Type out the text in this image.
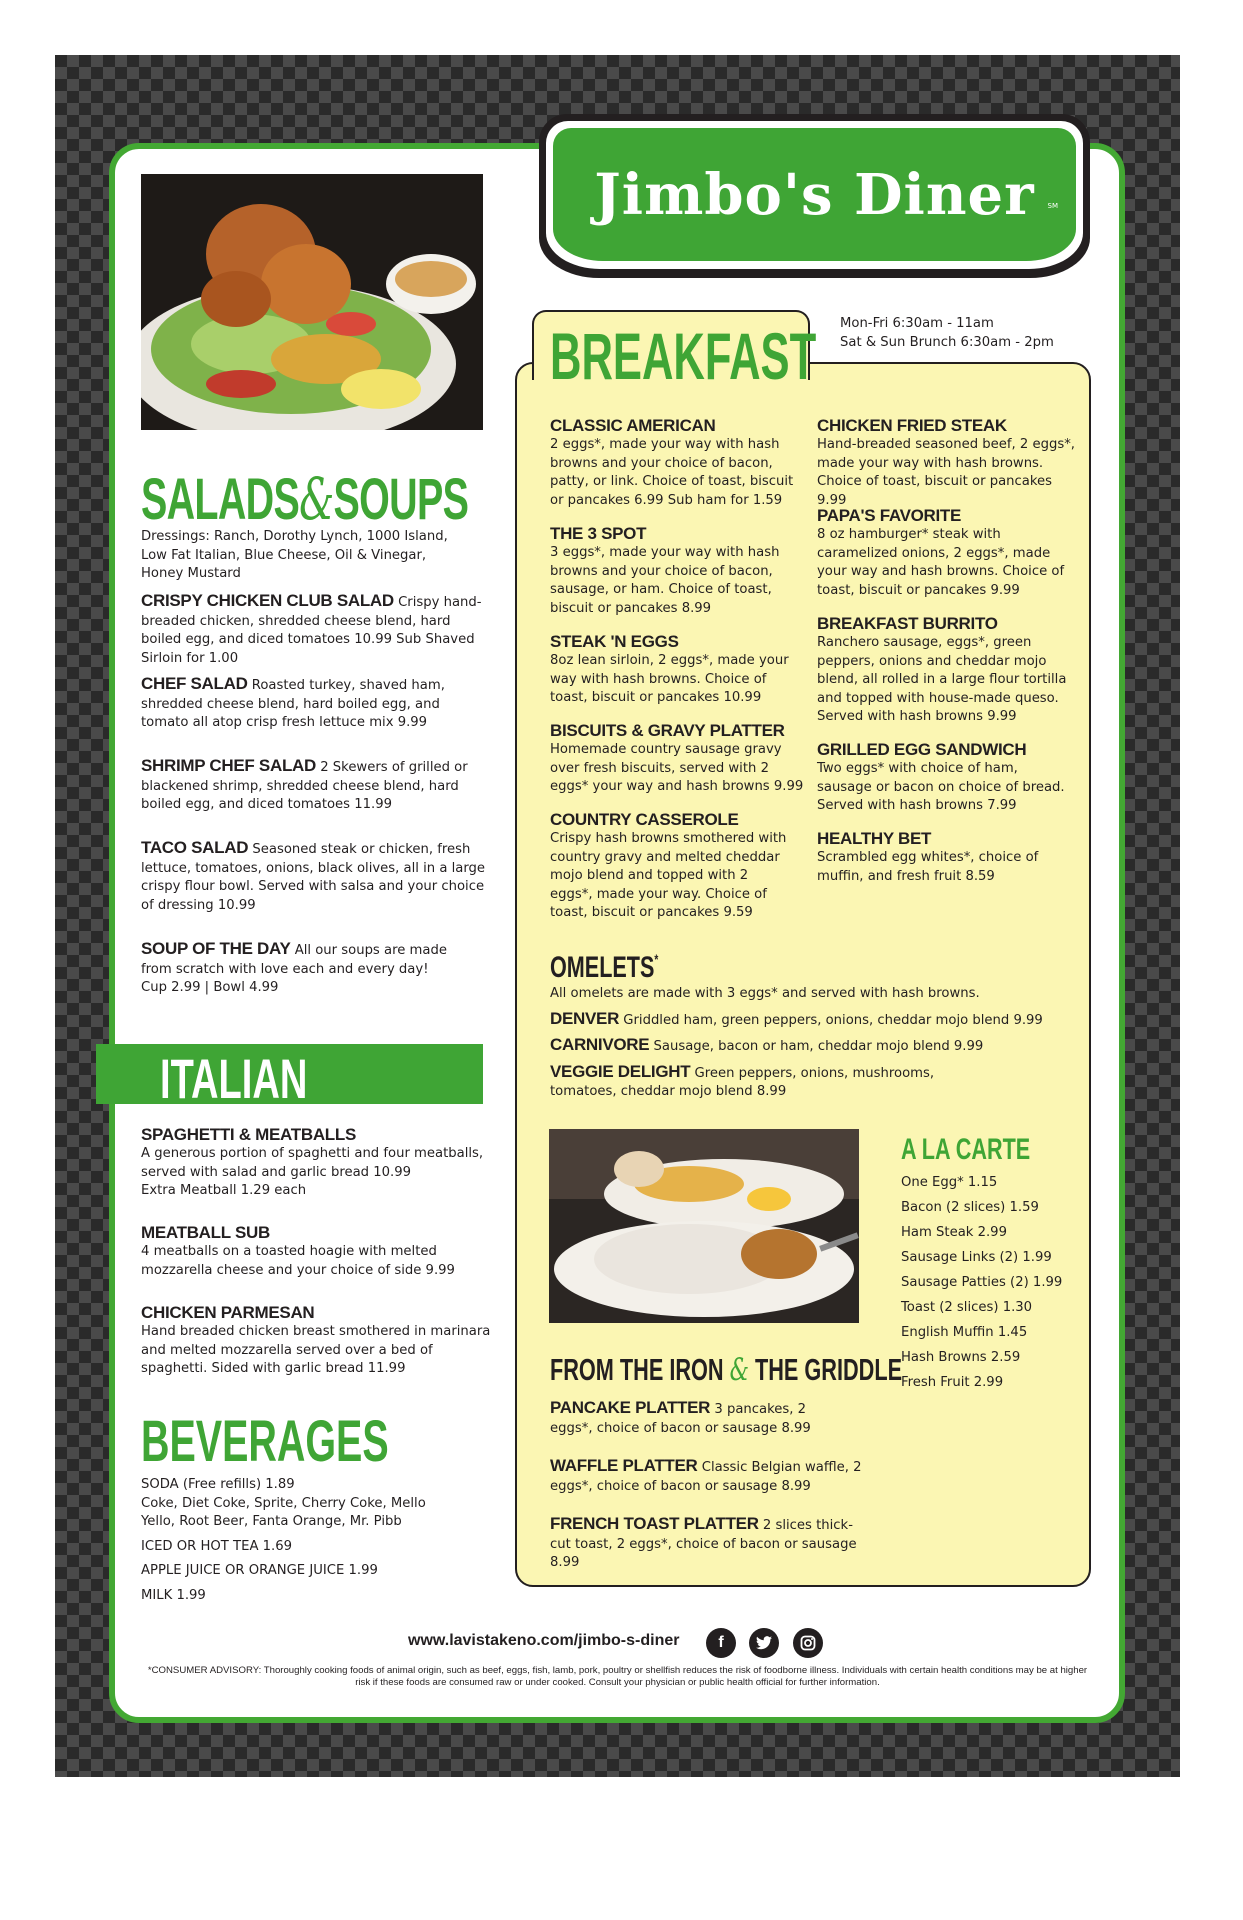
Jimbo's Diner SM
SALADS&SOUPS
Dressings: Ranch, Dorothy Lynch, 1000 Island, Low Fat Italian, Blue Cheese, Oil & Vinegar, Honey Mustard

CRISPY CHICKEN CLUB SALAD Crispy hand-breaded chicken, shredded cheese blend, hard boiled egg, and diced tomatoes 10.99 Sub Shaved Sirloin for 1.00

CHEF SALAD Roasted turkey, shaved ham, shredded cheese blend, hard boiled egg, and tomato all atop crisp fresh lettuce mix 9.99

SHRIMP CHEF SALAD 2 Skewers of grilled or blackened shrimp, shredded cheese blend, hard boiled egg, and diced tomatoes 11.99

TACO SALAD Seasoned steak or chicken, fresh lettuce, tomatoes, onions, black olives, all in a large crispy flour bowl. Served with salsa and your choice of dressing 10.99

SOUP OF THE DAY All our soups are made from scratch with love each and every day!

Cup 2.99 | Bowl 4.99

ITALIAN

SPAGHETTI & MEATBALLS

A generous portion of spaghetti and four meatballs, served with salad and garlic bread 10.99

Extra Meatball 1.29 each

MEATBALL SUB

4 meatballs on a toasted hoagie with melted mozzarella cheese and your choice of side 9.99

CHICKEN PARMESAN

Hand breaded chicken breast smothered in marinara and melted mozzarella served over a bed of spaghetti. Sided with garlic bread 11.99

BEVERAGES

SODA (Free refills) 1.89

Coke, Diet Coke, Sprite, Cherry Coke, Mello Yello, Root Beer, Fanta Orange, Mr. Pibb

ICED OR HOT TEA 1.69

APPLE JUICE OR ORANGE JUICE 1.99

MILK 1.99

BREAKFAST	Mon-Fri 6:30am - 11am

Sat & Sun Brunch 6:30am - 2pm

CLASSIC AMERICAN

2 eggs*, made your way with hash browns and your choice of bacon, patty, or link. Choice of toast, biscuit or pancakes 6.99 Sub ham for 1.59

THE 3 SPOT

3 eggs*, made your way with hash browns and your choice of bacon, sausage, or ham. Choice of toast, biscuit or pancakes 8.99

STEAK 'N EGGS

8oz lean sirloin, 2 eggs*, made your way with hash browns. Choice of toast, biscuit or pancakes 10.99

BISCUITS & GRAVY PLATTER

Homemade country sausage gravy over fresh biscuits, served with 2 eggs* your way and hash browns 9.99

COUNTRY CASSEROLE

Crispy hash browns smothered with country gravy and melted cheddar mojo blend and topped with 2 eggs*, made your way. Choice of toast, biscuit or pancakes 9.59

CHICKEN FRIED STEAK

Hand-breaded seasoned beef, 2 eggs*, made your way with hash browns. Choice of toast, biscuit or pancakes 9.99

PAPA'S FAVORITE

8 oz hamburger* steak with caramelized onions, 2 eggs*, made your way and hash browns. Choice of toast, biscuit or pancakes 9.99

BREAKFAST BURRITO

Ranchero sausage, eggs*, green peppers, onions and cheddar mojo blend, all rolled in a large flour tortilla and topped with house-made queso. Served with hash browns 9.99

GRILLED EGG SANDWICH

Two eggs* with choice of ham, sausage or bacon on choice of bread. Served with hash browns 7.99

HEALTHY BET

Scrambled egg whites*, choice of muffin, and fresh fruit 8.59

OMELETS*

All omelets are made with 3 eggs* and served with hash browns.

DENVER Griddled ham, green peppers, onions, cheddar mojo blend 9.99

CARNIVORE Sausage, bacon or ham, cheddar mojo blend 9.99

VEGGIE DELIGHT Green peppers, onions, mushrooms, tomatoes, cheddar mojo blend 8.99

A LA CARTE

One Egg* 1.15

Bacon (2 slices) 1.59

Ham Steak 2.99

Sausage Links (2) 1.99

Sausage Patties (2) 1.99

Toast (2 slices) 1.30

English Muffin 1.45

Hash Browns 2.59

Fresh Fruit 2.99

FROM THE IRON & THE GRIDDLE

PANCAKE PLATTER 3 pancakes, 2 eggs*, choice of bacon or sausage 8.99

WAFFLE PLATTER Classic Belgian waffle, 2 eggs*, choice of bacon or sausage 8.99

FRENCH TOAST PLATTER 2 slices thick-cut toast, 2 eggs*, choice of bacon or sausage 8.99

www.lavistakeno.com/jimbo-s-diner	f
*CONSUMER ADVISORY: Thoroughly cooking foods of animal origin, such as beef, eggs, fish, lamb, pork, poultry or shellfish reduces the risk of foodborne illness. Individuals with certain health conditions may be at higher risk if these foods are consumed raw or under cooked. Consult your physician or public health official for further information.
